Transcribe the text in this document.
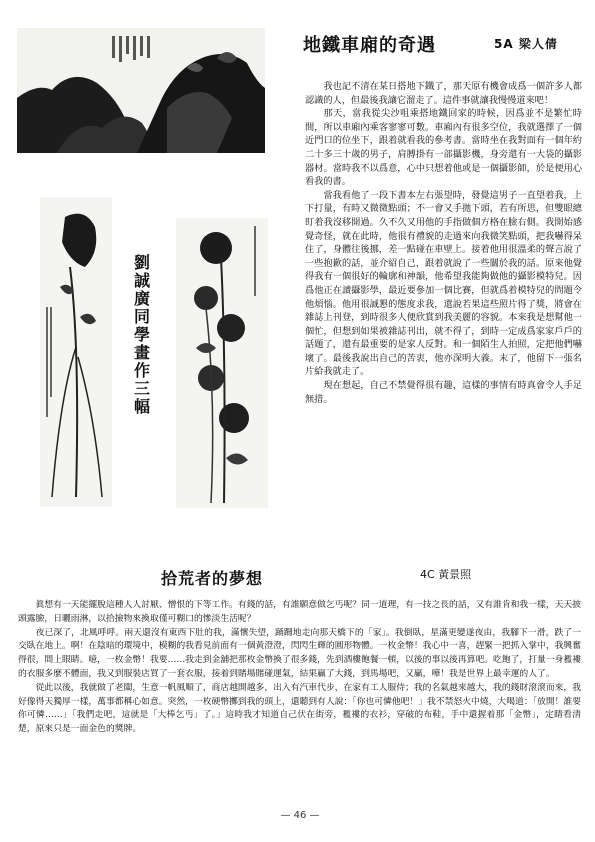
劉誠廣同學畫作三幅
地鐵車廂的奇遇	5A 梁人倩

我也記不清在某日搭地下鐵了，那天原有機會成爲一個許多人都認識的人，但最後我讓它溜走了。這件事就讓我慢慢道來吧！

那天，當我從尖沙咀乘搭地鐵回家的時候，因爲並不是繁忙時間，所以車廂內乘客寥寥可數。車廂內有很多空位，我就選擇了一個近門口的位坐下，跟着就看我的參考書。當時坐在我對面有一個年約二十多三十歲的男子，肩膊掛有一部攝影機，身旁還有一大袋的攝影器材。當時我不以爲意，心中只想着他或是一個攝影師，於是便用心看我的書。

當我看他了一段下書本左右張望時，發覺這男子一直望着我，上下打量，有時又微微點頭；不一會又手拋下頭，若有所思，但雙眼總盯着我沒移開過。久不久又用他的手指做個方格在臉右側。我開始感覺奇怪，就在此時，他很有禮貌的走過來向我微笑點頭，把我嚇得呆住了，身體往後挪，差一點碰在車壁上。接着他用很溫柔的聲言說了一些抱歉的話，並介紹自己，跟着就說了一些關於我的話。原來他覺得我有一個很好的輪廓和神韻，他希望我能夠做他的攝影模特兒。因爲他正在讀攝影學，最近要參加一個比賽，但就爲着模特兒的問題令他煩惱。他用很誠懇的態度求我，還說若果這些照片得了獎，將會在雜誌上刊登，到時很多人便欣賞到我美麗的容貌。本來我是想幫他一個忙，但想到如果被雜誌刊出，就不得了，到時一定成爲家家戶戶的話題了，還有最重要的是家人反對。和一個陌生人拍照，定把他們嚇壞了。最後我說出自己的苦衷，他亦深明大義。末了，他留下一張名片給我就走了。

現在想起，自己不禁覺得很有趣，這樣的事情有時真會令人手足無措。

拾荒者的夢想	4C 黃景照

眞想有一天能擺脫這種人人討厭、憎恨的下等工作。有錢的話，有誰願意做乞丐呢？同一道理，有一技之長的話，又有誰肯和我一樣，天天披頭露臉，日曬雨淋，以拾撿物來換取僅可糊口的慘淡生活呢？

夜已深了，北風呼呼。兩天還沒有東西下肚的我，滿懷失望，踊跚地走向那天橋下的「家」。我倒臥，星滿更變遂夜由，我腳下一滑，跌了一交臥在地上。啊！在陰暗的環境中，模糊的我看見前面有一個黃澄澄，閃閃生輝的圓形物體。一枚金幣！我心中一喜，趕緊一把抓入掌中，我興奮得很，間上眼睛。噫，一枚金幣！我要……我走到金舖把那枚金幣換了很多錢，先到酒樓飽餐一頓，以後的事以後再算吧。吃飽了，打量一身襤褸的衣服多麼不體面，我又到服裝店買了一套衣服，接着到賭場賭碰運氣，結果贏了大錢，到馬場吧，又贏，嘩！我是世界上最幸運的人了。

從此以後，我就做了老闆，生意一帆風順了，商店越開越多，出入有汽車代步，在家有工人服侍；我的名氣越來越大，我的錢財滾滾而來，我好像得天獨厚一樣，萬事都稱心如意。突然，一枚硬幣擲到我的頭上，還聽到有人說：「你也可憐他吧！」我不禁怒火中燒，大喝道：「放開！誰要你可憐……」「我們走吧，這就是「大棒乞丐」了。」這時我才知道自己伏在街旁，襤褸的衣衫，穿破的布鞋，手中還握着那「金幣」，定睛看清楚，原來只是一面金色的獎牌。

— 46 —
